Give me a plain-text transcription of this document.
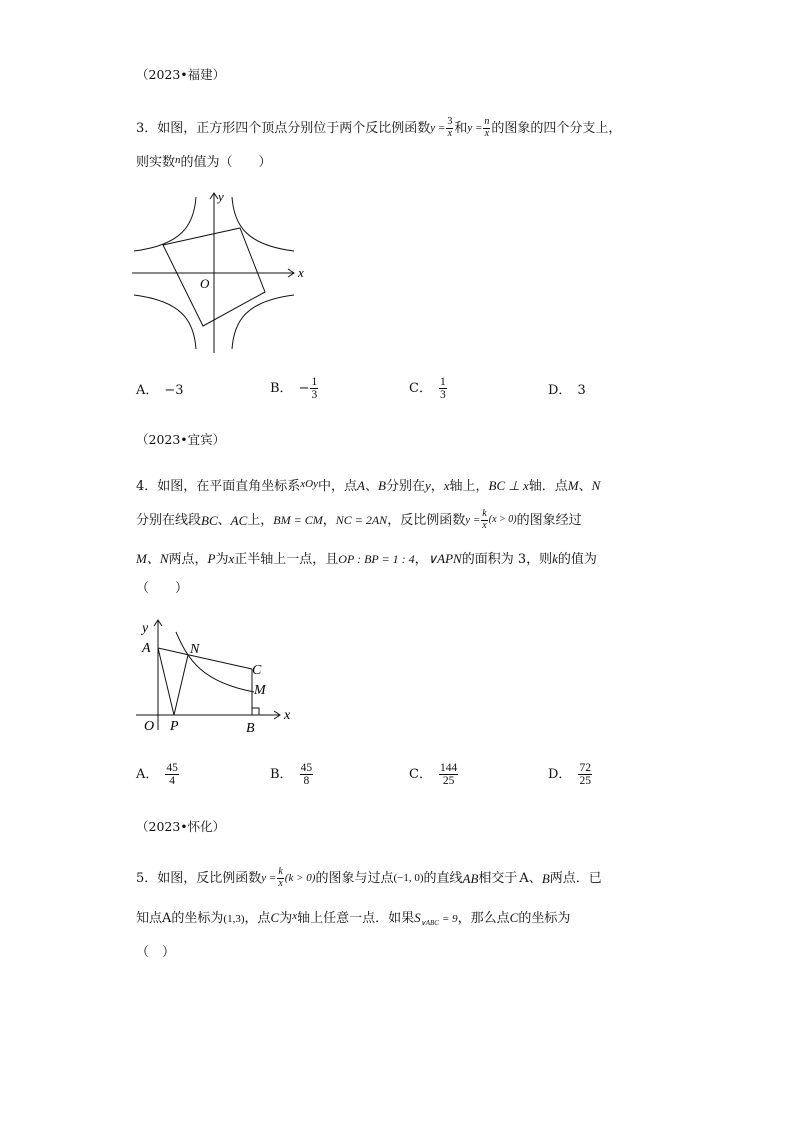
（2023•福建）
3．如图，正方形四个顶点分别位于两个反比例函数 $y = \frac{3}{x}$ 和 $y = \frac{n}{x}$ 的图象的四个分支上，
则实数$^n$的值为（　　）
x
y
O
A． −3	B． − $\frac{1}{3}$	C． $\frac{1}{3}$	D． 3
（2023•宜宾）
4．如图，在平面直角坐标系$^{xOy}$中，点A、B分别在y，x轴上，BC ⊥ x轴．点M、N
分别在线段 BC 、 AC 上， BM = CM ， NC = 2AN ，反比例函数 $y = \frac{k}{x} (x > 0)$ 的图象经过
M、N两点，P为x正半轴上一点，且OP : BP = 1 : 4，∨APN的面积为 3，则k的值为
（　　）
y
x
A	N
C
M
O P	B
A． $\frac{45}{4}$	B． $\frac{45}{8}$	C． $\frac{144}{25}$	D． $\frac{72}{25}$
（2023•怀化）
5．如图，反比例函数 $y = \frac{k}{x} (k > 0)$ 的图象与过点 (−1, 0) 的直线 AB 相交于 A 、 B 两点．已
知点A的坐标为(1,3)，点C为$^x$轴上任意一点．如果$S_{\vee ABC} = 9$，那么点C的坐标为
（　）
